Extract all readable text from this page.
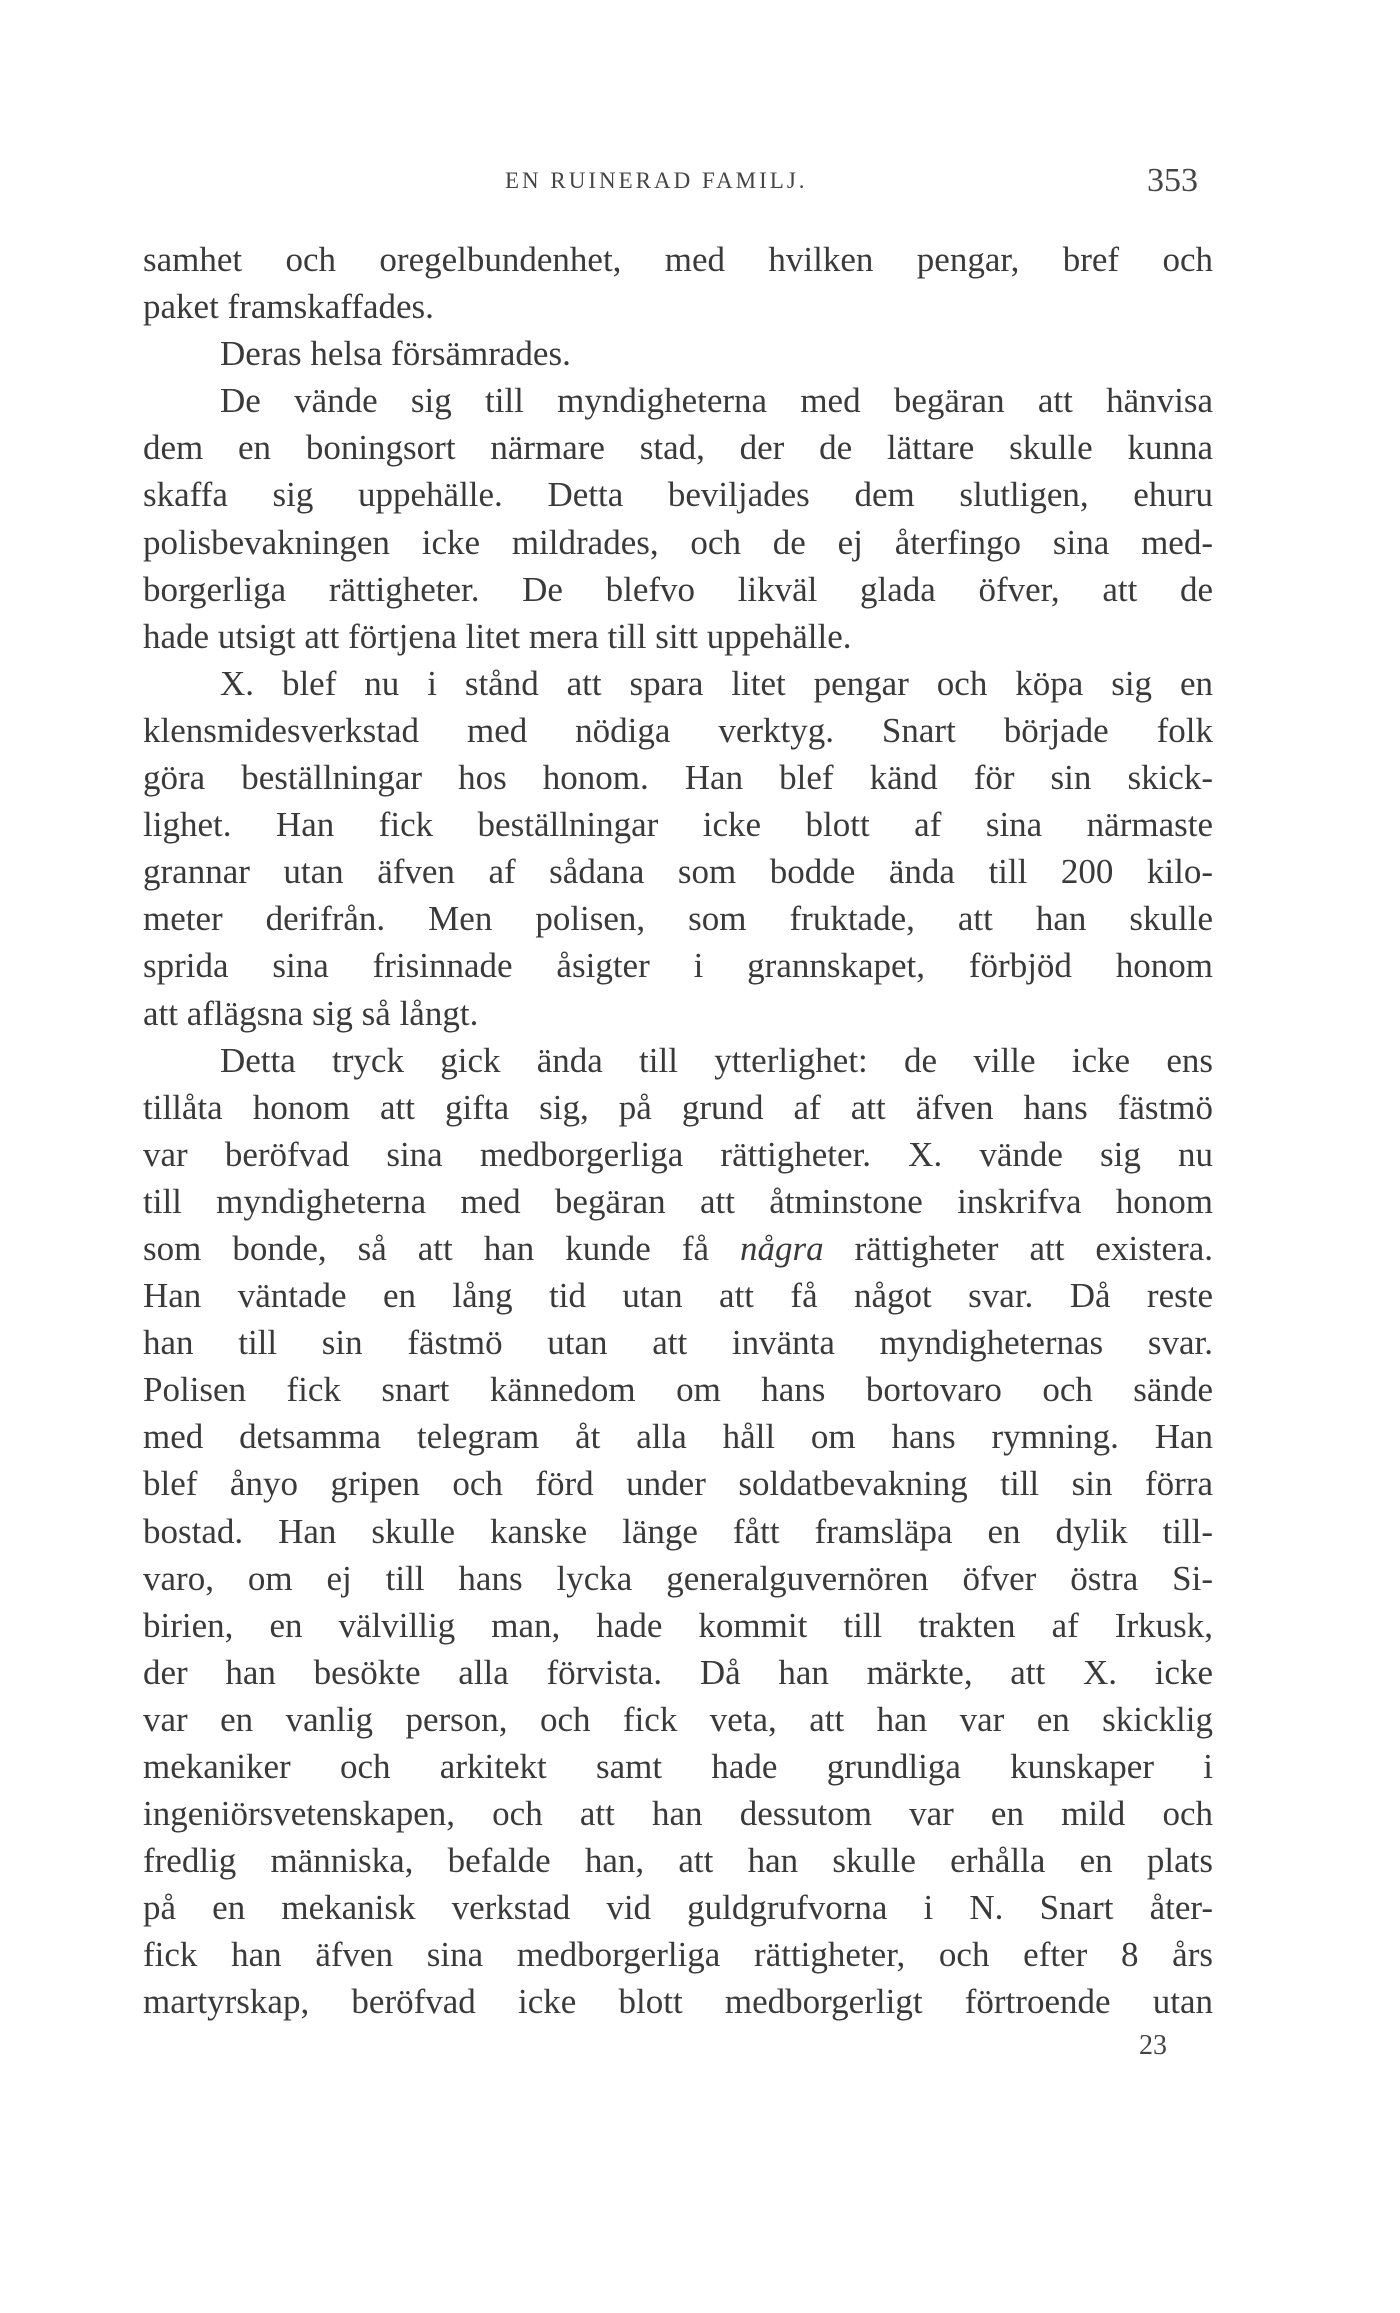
EN RUINERAD FAMILJ.	353
samhet och oregelbundenhet, med hvilken pengar, bref och
paket framskaffades.
Deras helsa försämrades.
De vände sig till myndigheterna med begäran att hänvisa
dem en boningsort närmare stad, der de lättare skulle kunna
skaffa sig uppehälle. Detta beviljades dem slutligen, ehuru
polisbevakningen icke mildrades, och de ej återfingo sina med-
borgerliga rättigheter. De blefvo likväl glada öfver, att de
hade utsigt att förtjena litet mera till sitt uppehälle.
X. blef nu i stånd att spara litet pengar och köpa sig en
klensmidesverkstad med nödiga verktyg. Snart började folk
göra beställningar hos honom. Han blef känd för sin skick-
lighet. Han fick beställningar icke blott af sina närmaste
grannar utan äfven af sådana som bodde ända till 200 kilo-
meter derifrån. Men polisen, som fruktade, att han skulle
sprida sina frisinnade åsigter i grannskapet, förbjöd honom
att aflägsna sig så långt.
Detta tryck gick ända till ytterlighet: de ville icke ens
tillåta honom att gifta sig, på grund af att äfven hans fästmö
var beröfvad sina medborgerliga rättigheter. X. vände sig nu
till myndigheterna med begäran att åtminstone inskrifva honom
som bonde, så att han kunde få några rättigheter att existera.
Han väntade en lång tid utan att få något svar. Då reste
han till sin fästmö utan att invänta myndigheternas svar.
Polisen fick snart kännedom om hans bortovaro och sände
med detsamma telegram åt alla håll om hans rymning. Han
blef ånyo gripen och förd under soldatbevakning till sin förra
bostad. Han skulle kanske länge fått framsläpa en dylik till-
varo, om ej till hans lycka generalguvernören öfver östra Si-
birien, en välvillig man, hade kommit till trakten af Irkusk,
der han besökte alla förvista. Då han märkte, att X. icke
var en vanlig person, och fick veta, att han var en skicklig
mekaniker och arkitekt samt hade grundliga kunskaper i
ingeniörsvetenskapen, och att han dessutom var en mild och
fredlig människa, befalde han, att han skulle erhålla en plats
på en mekanisk verkstad vid guldgrufvorna i N. Snart åter-
fick han äfven sina medborgerliga rättigheter, och efter 8 års
martyrskap, beröfvad icke blott medborgerligt förtroende utan
23
